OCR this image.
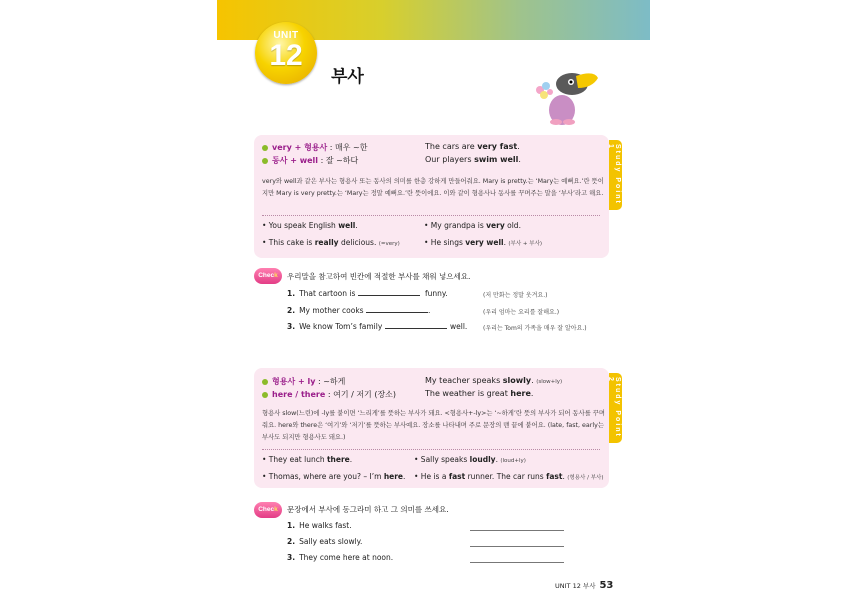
UNIT
12
부사
Study Point 1
very + 형용사 : 매우 ~한	The cars are very fast.
동사 + well : 잘 ~하다	Our players swim well.
very와 well과 같은 부사는 형용사 또는 동사의 의미를 한층 강하게 만들어줘요. Mary is pretty.는 ‘Mary는 예뻐요.’란 뜻이지만 Mary is very pretty.는 ‘Mary는 정말 예뻐요.’란 뜻이에요. 이와 같이 형용사나 동사를 꾸며주는 말을 ‘부사’라고 해요.
• You speak English well.	• My grandpa is very old.
• This cake is really delicious. (=very)	• He sings very well. (부사 + 부사)
Check	우리말을 참고하여 빈칸에 적절한 부사를 채워 넣으세요.
1. That cartoon is	funny.	(저 만화는 정말 웃겨요.)
2. My mother cooks	.	(우리 엄마는 요리를 잘해요.)
3. We know Tom’s family	well.	(우리는 Tom의 가족을 매우 잘 알아요.)
Study Point 2
형용사 + ly : ~하게	My teacher speaks slowly. (slow+ly)
here / there : 여기 / 저기 (장소)	The weather is great here.
형용사 slow(느린)에 -ly를 붙이면 ‘느리게’를 뜻하는 부사가 돼요. <형용사+-ly>는 ‘~하게’란 뜻의 부사가 되어 동사를 꾸며줘요. here와 there은 ‘여기’와 ‘저기’를 뜻하는 부사예요. 장소를 나타내며 주로 문장의 맨 끝에 붙어요. (late, fast, early는 부사도 되지만 형용사도 돼요.)
• They eat lunch there.	• Sally speaks loudly. (loud+ly)
• Thomas, where are you? – I’m here. • He is a fast runner. The car runs fast. (형용사 / 부사)
Check	문장에서 부사에 동그라미 하고 그 의미를 쓰세요.
1. He walks fast.
2. Sally eats slowly.
3. They come here at noon.
UNIT 12 부사 53
